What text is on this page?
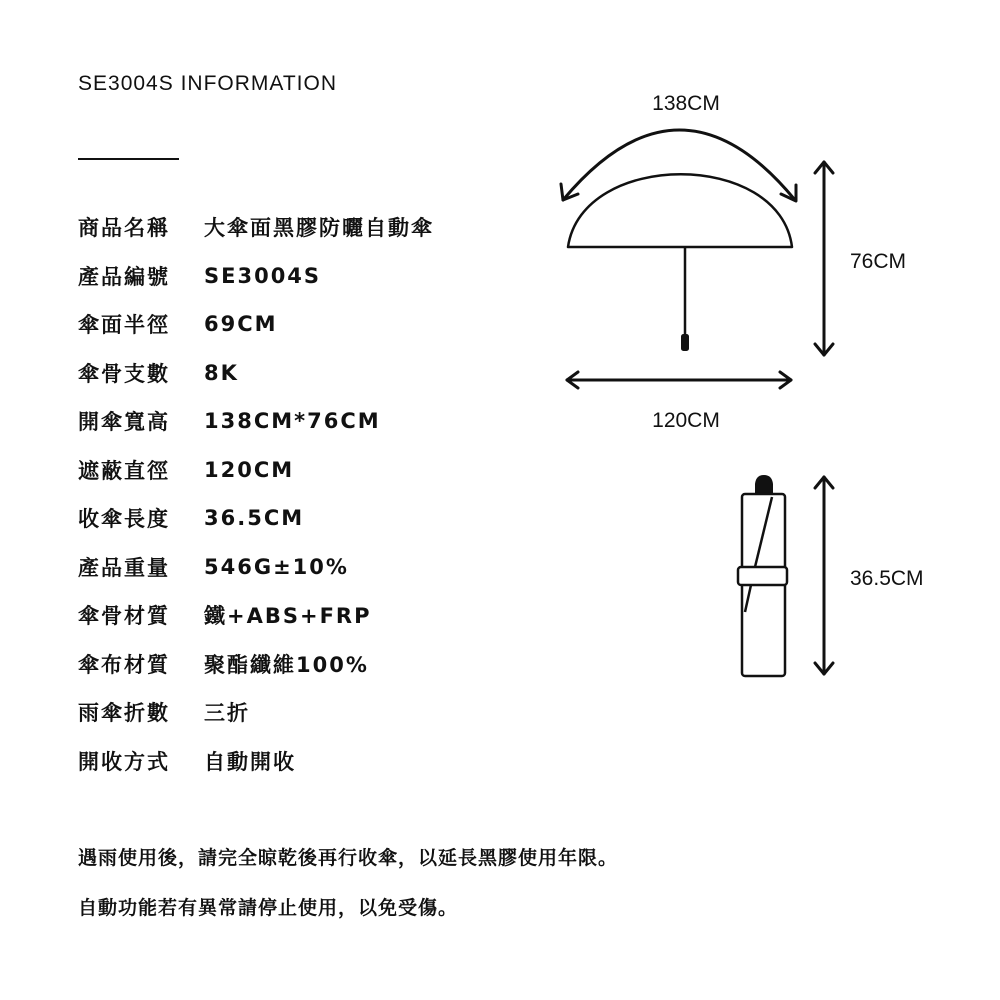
SE3004S INFORMATION
商品名稱	大傘面黑膠防曬自動傘
產品編號	SE3004S
傘面半徑	69CM
傘骨支數	8K
開傘寬高	138CM*76CM
遮蔽直徑	120CM
收傘長度	36.5CM
產品重量	546G±10%
傘骨材質	鐵+ABS+FRP
傘布材質	聚酯纖維100%
雨傘折數	三折
開收方式	自動開收
遇雨使用後，請完全晾乾後再行收傘，以延長黑膠使用年限。
自動功能若有異常請停止使用，以免受傷。
138CM
76CM
120CM
36.5CM
